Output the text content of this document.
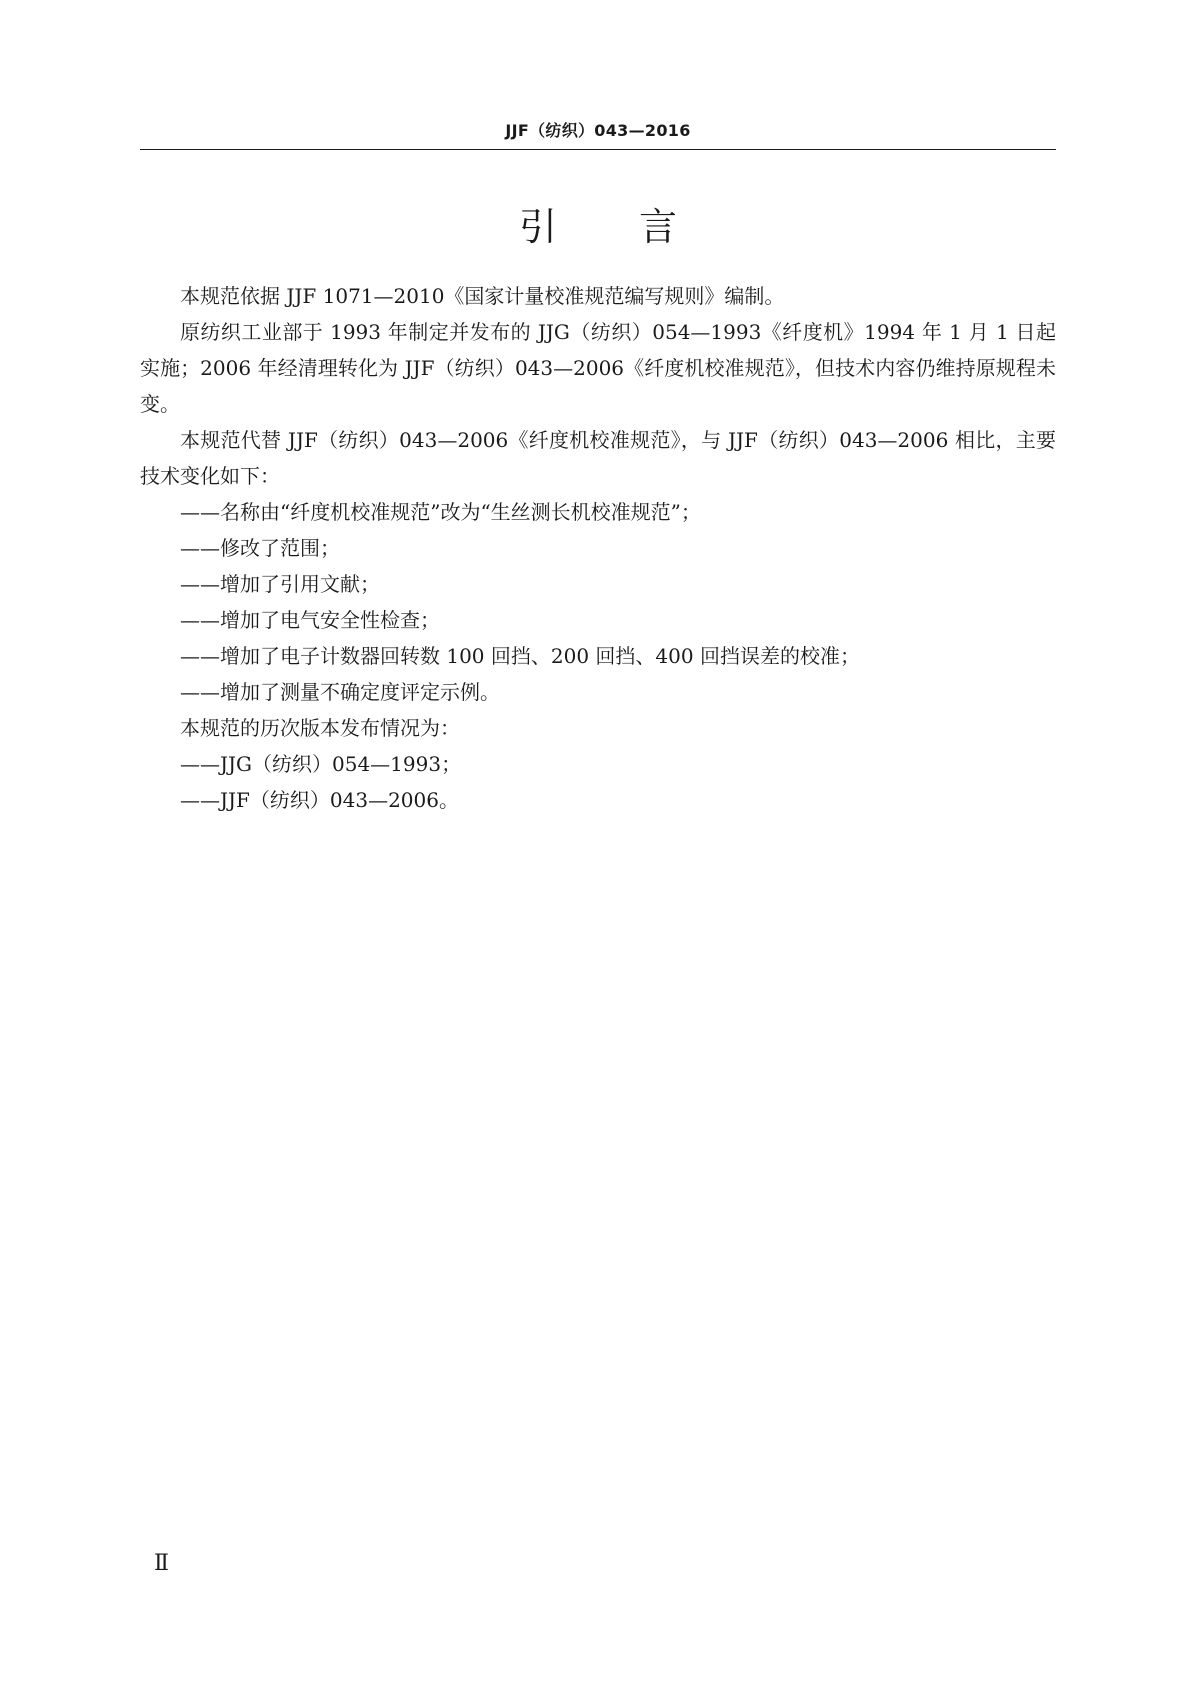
JJF（纺织）043—2016
引言

本规范依据 JJF 1071—2010《国家计量校准规范编写规则》编制。

原纺织工业部于 1993 年制定并发布的 JJG（纺织）054—1993《纤度机》1994 年 1 月 1 日起实施；2006 年经清理转化为 JJF（纺织）043—2006《纤度机校准规范》，但技术内容仍维持原规程未变。

本规范代替 JJF（纺织）043—2006《纤度机校准规范》，与 JJF（纺织）043—2006 相比，主要技术变化如下：

——名称由“纤度机校准规范”改为“生丝测长机校准规范”；

——修改了范围；

——增加了引用文献；

——增加了电气安全性检查；

——增加了电子计数器回转数 100 回挡、200 回挡、400 回挡误差的校准；

——增加了测量不确定度评定示例。

本规范的历次版本发布情况为：

——JJG（纺织）054—1993；

——JJF（纺织）043—2006。

Ⅱ
